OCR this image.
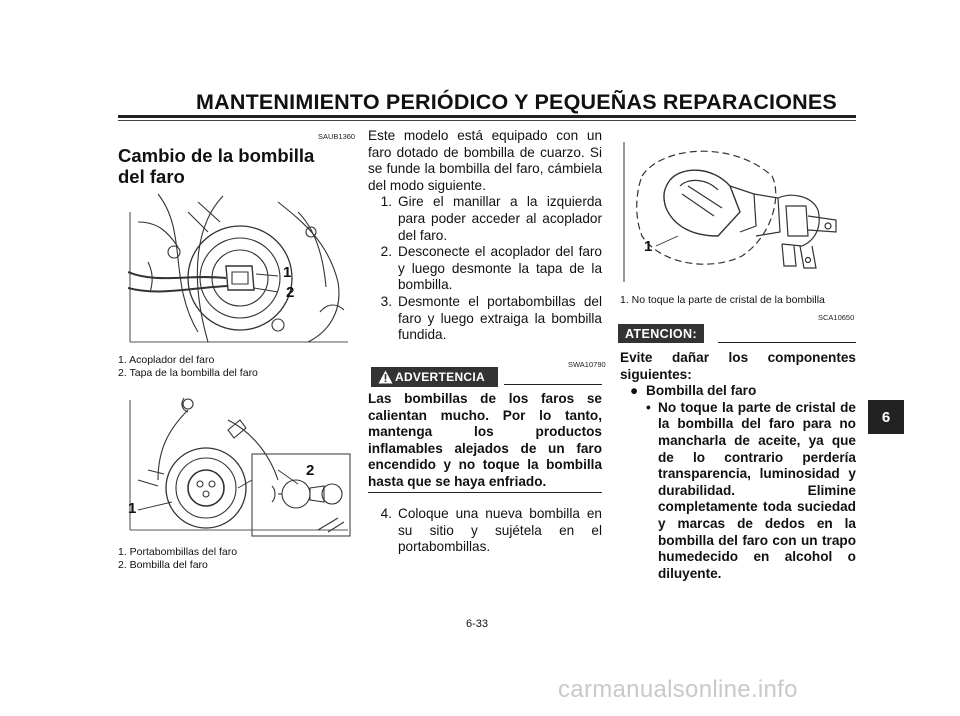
MANTENIMIENTO PERIÓDICO Y PEQUEÑAS REPARACIONES
6
SAUB1360
Cambio de la bombilla
del faro
1
2
1. Acoplador del faro
2. Tapa de la bombilla del faro
1
2
1. Portabombillas del faro
2. Bombilla del faro
Este modelo está equipado con un faro dotado de bombilla de cuarzo. Si se funde la bombilla del faro, cámbiela del modo siguiente.
1. Gire el manillar a la izquierda para poder acceder al acoplador del faro.
2. Desconecte el acoplador del faro y luego desmonte la tapa de la bombilla.
3. Desmonte el portabombillas del faro y luego extraiga la bombilla fundida.
SWA10790
ADVERTENCIA
Las bombillas de los faros se calientan mucho. Por lo tanto, mantenga los productos inflamables alejados de un faro encendido y no toque la bombilla hasta que se haya enfriado.
4. Coloque una nueva bombilla en su sitio y sujétela en el portabombillas.
1
1. No toque la parte de cristal de la bombilla
SCA10650
ATENCION:
Evite dañar los componentes siguientes:
● Bombilla del faro
• No toque la parte de cristal de la bombilla del faro para no mancharla de aceite, ya que de lo contrario perdería transparencia, luminosidad y durabilidad. Elimine completamente toda suciedad y marcas de dedos en la bombilla del faro con un trapo humedecido en alcohol o diluyente.
6-33
carmanualsonline.info
